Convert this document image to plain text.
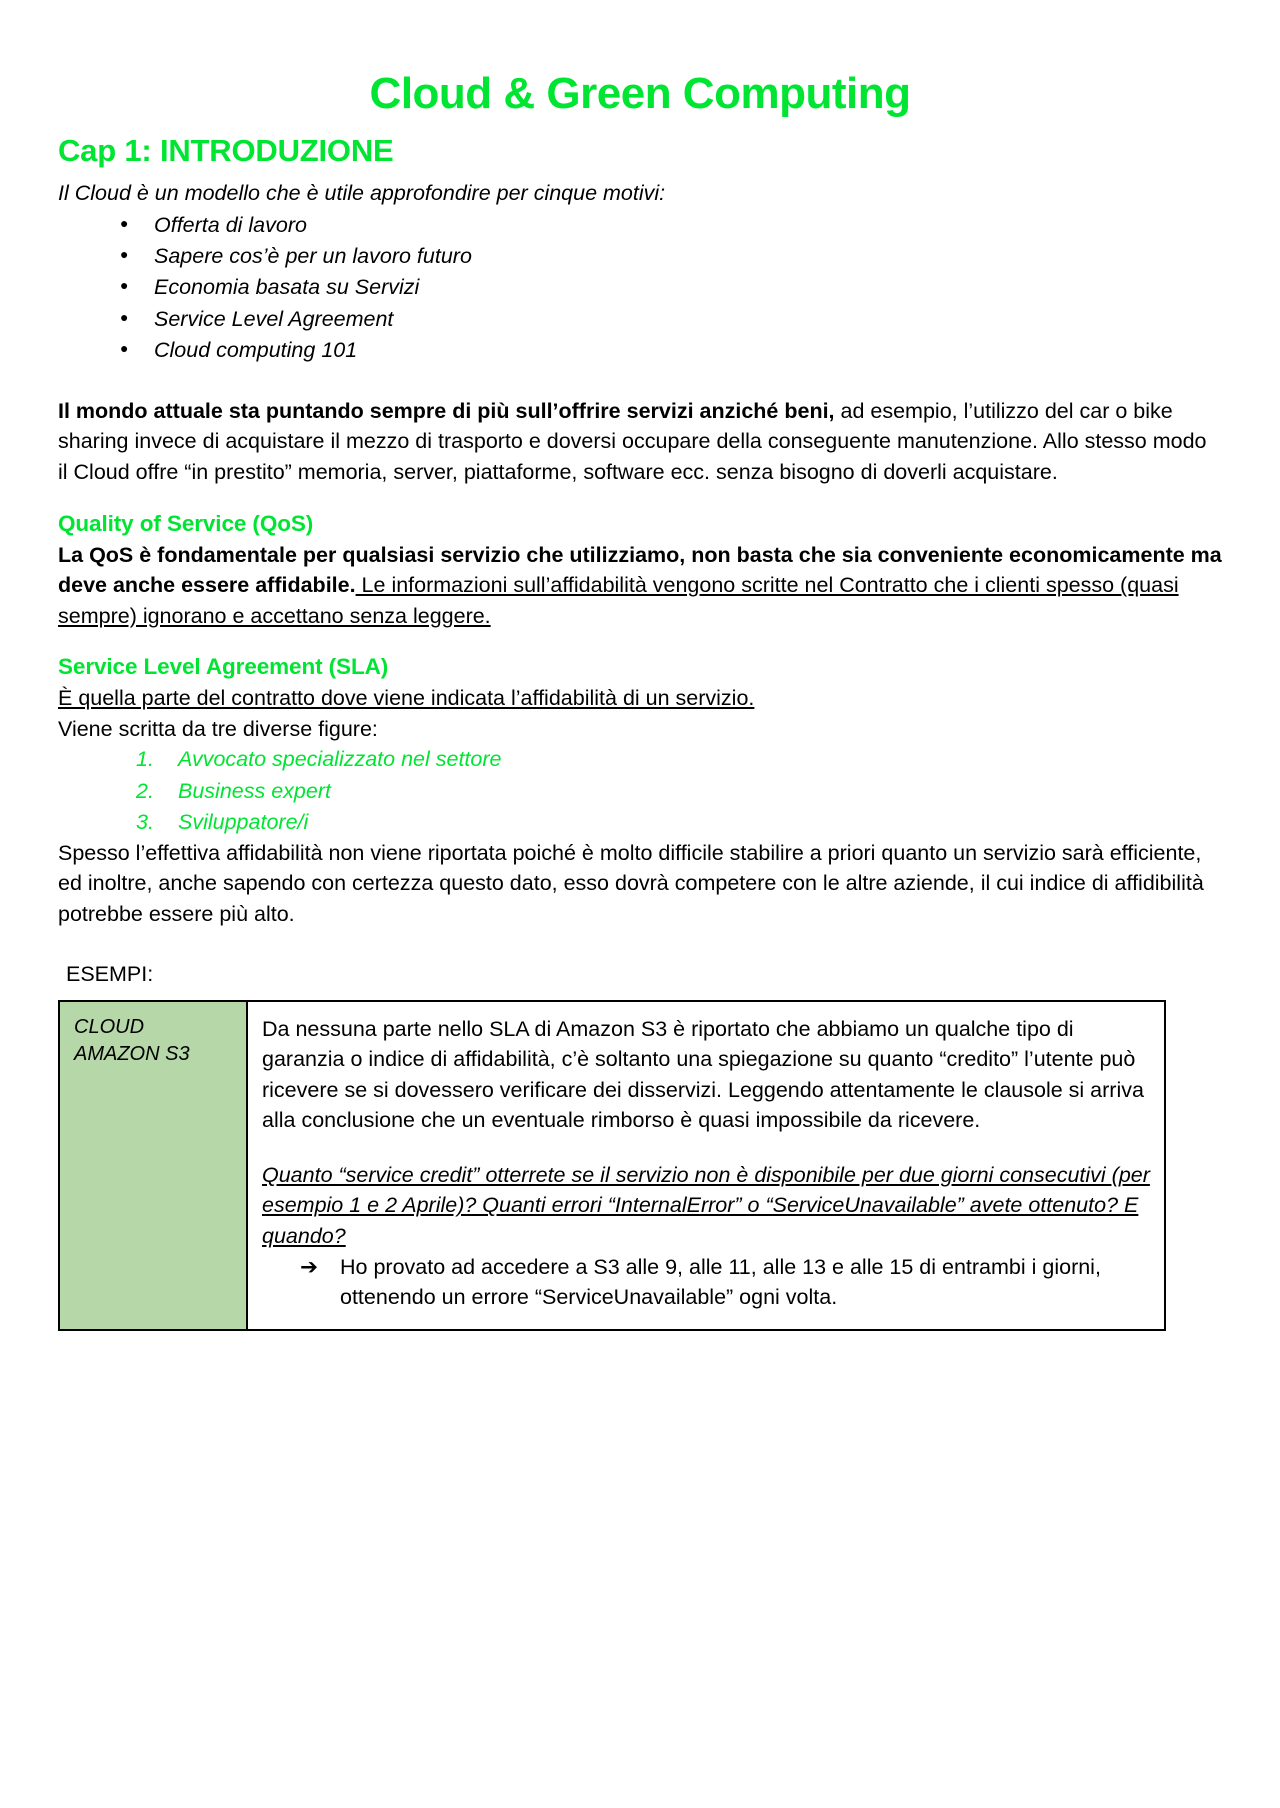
Cloud & Green Computing
Cap 1: INTRODUZIONE

Il Cloud è un modello che è utile approfondire per cinque motivi:

● Offerta di lavoro
● Sapere cos’è per un lavoro futuro
● Economia basata su Servizi
● Service Level Agreement
● Cloud computing 101

Il mondo attuale sta puntando sempre di più sull’offrire servizi anziché beni, ad esempio, l’utilizzo del car o bike sharing invece di acquistare il mezzo di trasporto e doversi occupare della conseguente manutenzione. Allo stesso modo il Cloud offre “in prestito” memoria, server, piattaforme, software ecc. senza bisogno di doverli acquistare.

Quality of Service (QoS)

La QoS è fondamentale per qualsiasi servizio che utilizziamo, non basta che sia conveniente economicamente ma deve anche essere affidabile. Le informazioni sull’affidabilità vengono scritte nel Contratto che i clienti spesso (quasi sempre) ignorano e accettano senza leggere.

Service Level Agreement (SLA)

È quella parte del contratto dove viene indicata l’affidabilità di un servizio.

Viene scritta da tre diverse figure:

Avvocato specializzato nel settore
Business expert
Sviluppatore/i

Spesso l’effettiva affidabilità non viene riportata poiché è molto difficile stabilire a priori quanto un servizio sarà efficiente, ed inoltre, anche sapendo con certezza questo dato, esso dovrà competere con le altre aziende, il cui indice di affidibilità potrebbe essere più alto.

ESEMPI:

CLOUD
AMAZON S3

Da nessuna parte nello SLA di Amazon S3 è riportato che abbiamo un qualche tipo di garanzia o indice di affidabilità, c’è soltanto una spiegazione su quanto “credito” l’utente può ricevere se si dovessero verificare dei disservizi. Leggendo attentamente le clausole si arriva alla conclusione che un eventuale rimborso è quasi impossibile da ricevere.

Quanto “service credit” otterrete se il servizio non è disponibile per due giorni consecutivi (per esempio 1 e 2 Aprile)? Quanti errori “InternalError” o “ServiceUnavailable” avete ottenuto? E quando?

➔ Ho provato ad accedere a S3 alle 9, alle 11, alle 13 e alle 15 di entrambi i giorni, ottenendo un errore “ServiceUnavailable” ogni volta.
